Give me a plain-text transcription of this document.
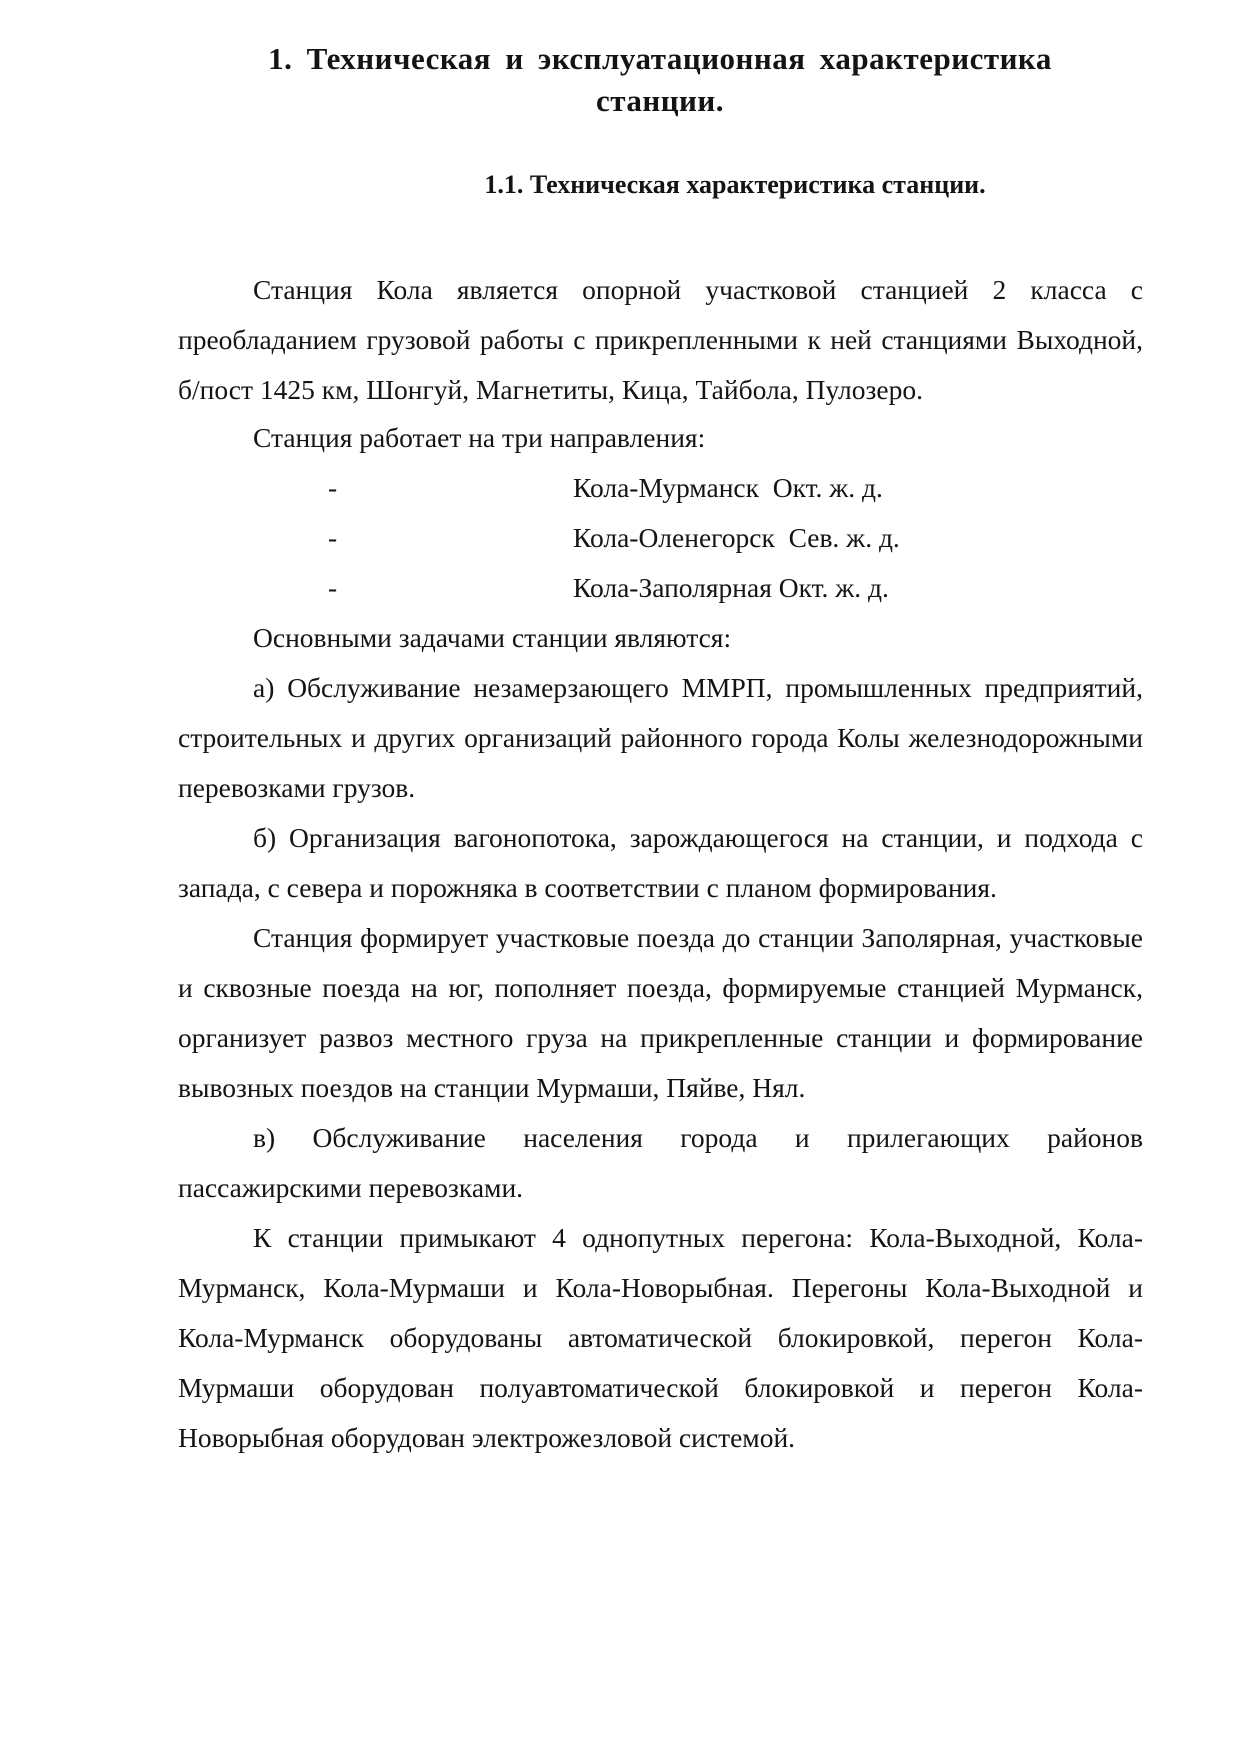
1. Техническая и эксплуатационная характеристика станции.
1.1. Техническая характеристика станции.

Станция Кола является опорной участковой станцией 2 класса с преобладанием грузовой работы с прикрепленными к ней станциями Выходной, б/пост 1425 км, Шонгуй, Магнетиты, Кица, Тайбола, Пулозеро.

Станция работает на три направления:

-	Кола-Мурманск  Окт. ж. д.
-	Кола-Оленегорск  Сев. ж. д.
-	Кола-Заполярная Окт. ж. д.

Основными задачами станции являются:

а) Обслуживание незамерзающего ММРП, промышленных предприятий, строительных и других организаций районного города Колы железнодорожными перевозками грузов.

б) Организация вагонопотока, зарождающегося на станции, и подхода с запада, с севера и порожняка в соответствии с планом формирования.

Станция формирует участковые поезда до станции Заполярная, участковые и сквозные поезда на юг, пополняет поезда, формируемые станцией Мурманск, организует развоз местного груза на прикрепленные станции и формирование вывозных поездов на станции Мурмаши, Пяйве, Нял.

в) Обслуживание населения города и прилегающих районов пассажирскими перевозками.

К станции примыкают 4 однопутных перегона: Кола-Выходной, Кола-Мурманск, Кола-Мурмаши и Кола-Новорыбная. Перегоны Кола-Выходной и Кола-Мурманск оборудованы автоматической блокировкой, перегон Кола-Мурмаши оборудован полуавтоматической блокировкой и перегон Кола-Новорыбная оборудован электрожезловой системой.
